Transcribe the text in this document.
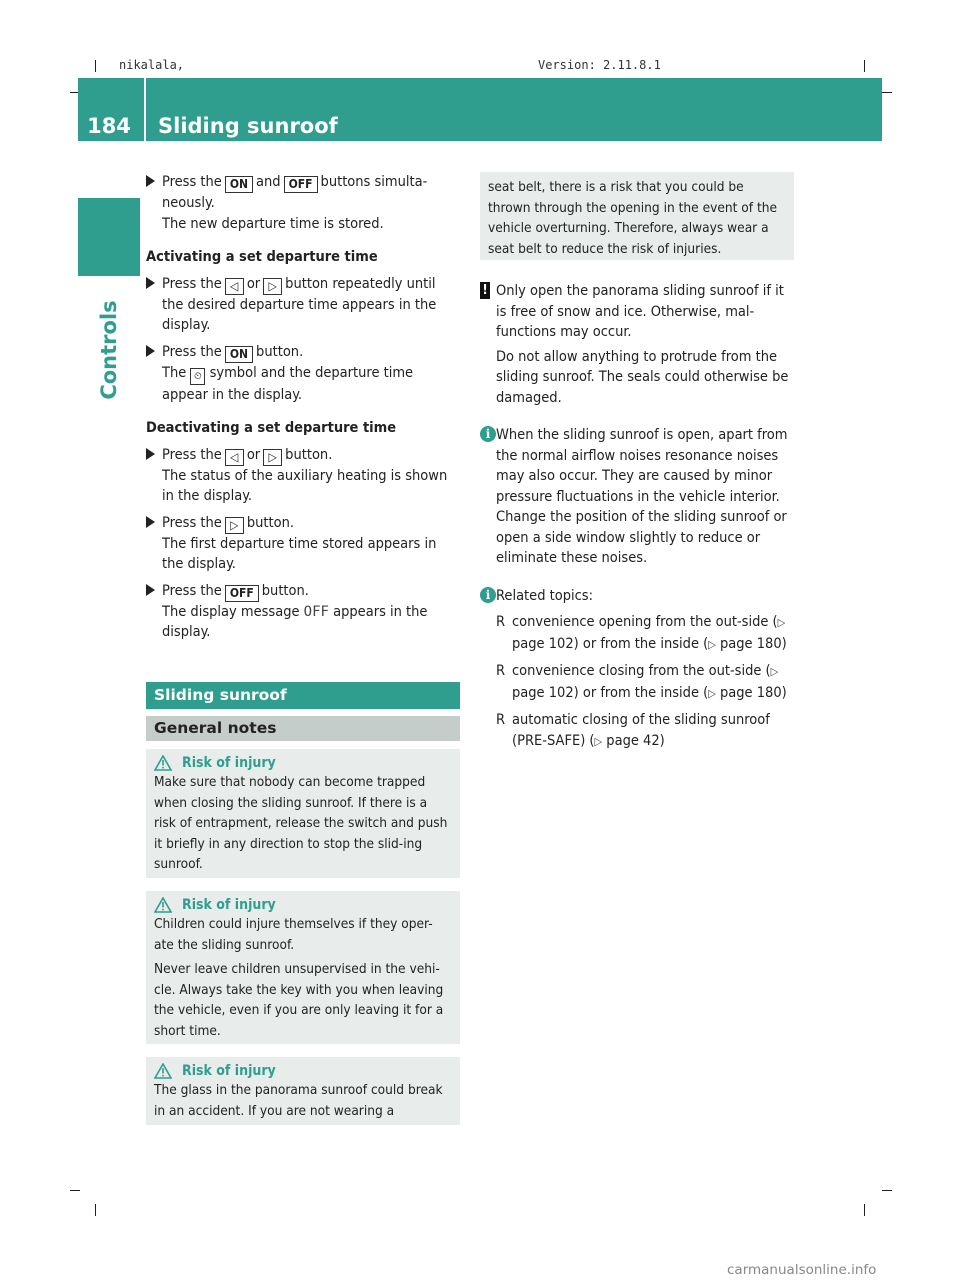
nikalala,	Version: 2.11.8.1
184	Sliding sunroof
Controls
Press the ON and OFF buttons simulta-neously.

The new departure time is stored.

Activating a set departure time

Press the ◁ or ▷ button repeatedly until the desired departure time appears in the display.
Press the ON button.

The ⏲ symbol and the departure time appear in the display.

Deactivating a set departure time

Press the ◁ or ▷ button.

The status of the auxiliary heating is shown in the display.

Press the ▷ button.

The first departure time stored appears in the display.

Press the OFF button.

The display message OFF appears in the display.

Sliding sunroof
General notes
Risk of injury

Make sure that nobody can become trapped when closing the sliding sunroof. If there is a risk of entrapment, release the switch and push it briefly in any direction to stop the slid-ing sunroof.

Risk of injury

Children could injure themselves if they oper-ate the sliding sunroof.

Never leave children unsupervised in the vehi-cle. Always take the key with you when leaving the vehicle, even if you are only leaving it for a short time.

Risk of injury

The glass in the panorama sunroof could break in an accident. If you are not wearing a

seat belt, there is a risk that you could be thrown through the opening in the event of the vehicle overturning. Therefore, always wear a seat belt to reduce the risk of injuries.

! Only open the panorama sliding sunroof if it is free of snow and ice. Otherwise, mal-functions may occur.

Do not allow anything to protrude from the sliding sunroof. The seals could otherwise be damaged.

i When the sliding sunroof is open, apart from the normal airflow noises resonance noises may also occur. They are caused by minor pressure fluctuations in the vehicle interior. Change the position of the sliding sunroof or open a side window slightly to reduce or eliminate these noises.

i Related topics:

R convenience opening from the out-side (▷ page 102) or from the inside (▷ page 180)
R convenience closing from the out-side (▷ page 102) or from the inside (▷ page 180)
R automatic closing of the sliding sunroof (PRE-SAFE) (▷ page 42)
carmanualsonline.info
